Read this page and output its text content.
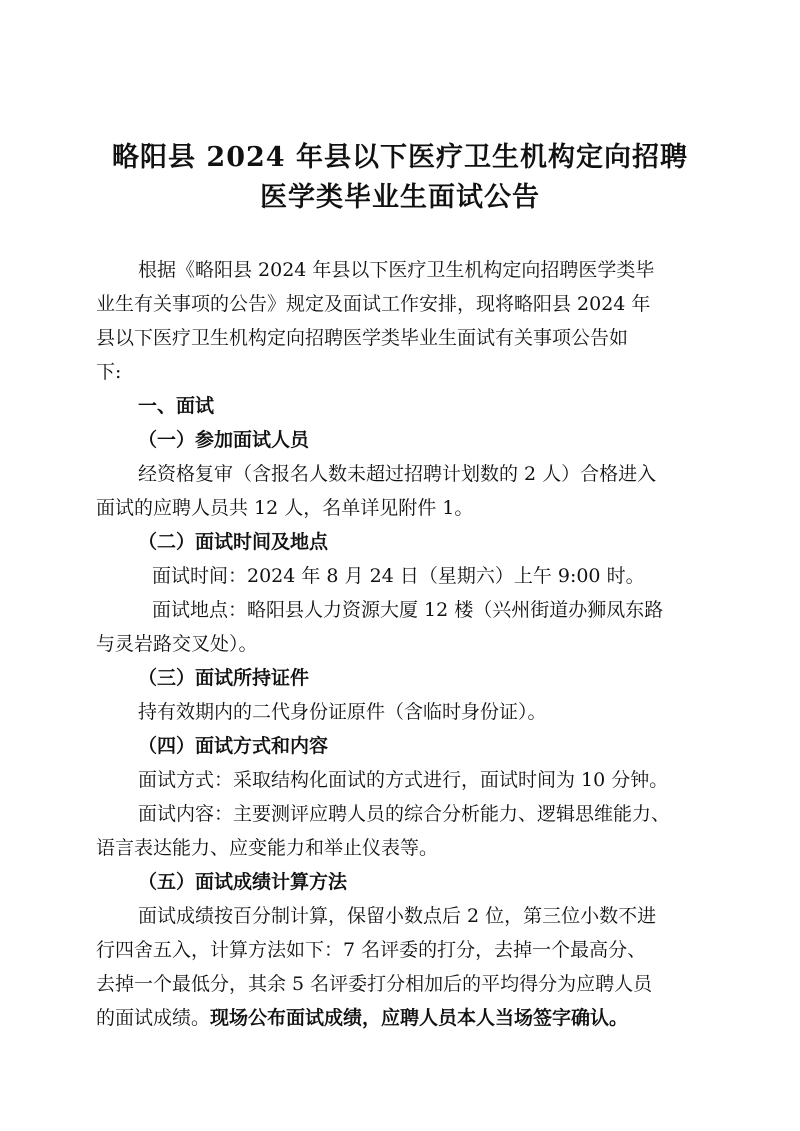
略阳县 2024 年县以下医疗卫生机构定向招聘
医学类毕业生面试公告
根据《略阳县 2024 年县以下医疗卫生机构定向招聘医学类毕
业生有关事项的公告》规定及面试工作安排，现将略阳县 2024 年
县以下医疗卫生机构定向招聘医学类毕业生面试有关事项公告如
下:
一、面试
（一）参加面试人员
经资格复审（含报名人数未超过招聘计划数的 2 人）合格进入
面试的应聘人员共 12 人，名单详见附件 1。
（二）面试时间及地点
面试时间：2024 年 8 月 24 日（星期六）上午 9:00 时。
面试地点：略阳县人力资源大厦 12 楼（兴州街道办狮凤东路
与灵岩路交叉处）。
（三）面试所持证件
持有效期内的二代身份证原件（含临时身份证）。
（四）面试方式和内容
面试方式：采取结构化面试的方式进行，面试时间为 10 分钟。
面试内容：主要测评应聘人员的综合分析能力、逻辑思维能力、
语言表达能力、应变能力和举止仪表等。
（五）面试成绩计算方法
面试成绩按百分制计算，保留小数点后 2 位，第三位小数不进
行四舍五入，计算方法如下：7 名评委的打分，去掉一个最高分、
去掉一个最低分，其余 5 名评委打分相加后的平均得分为应聘人员
的面试成绩。现场公布面试成绩，应聘人员本人当场签字确认。
